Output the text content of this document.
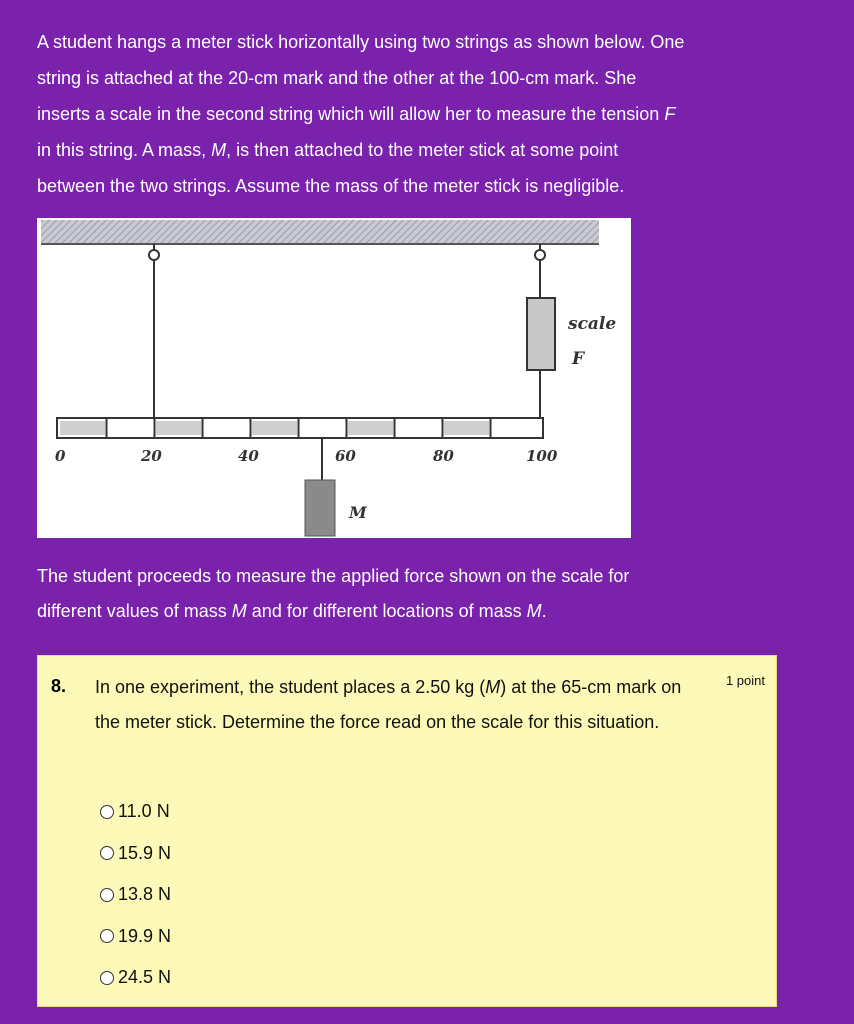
A student hangs a meter stick horizontally using two strings as shown below. One

string is attached at the 20-cm mark and the other at the 100-cm mark. She

inserts a scale in the second string which will allow her to measure the tension F

in this string. A mass, M, is then attached to the meter stick at some point

between the two strings. Assume the mass of the meter stick is negligible.

scale
F
0	20	40	60	80	100
M

The student proceeds to measure the applied force shown on the scale for

different values of mass M and for different locations of mass M.

8. In one experiment, the student places a 2.50 kg (M) at the 65-cm mark on the meter stick. Determine the force read on the scale for this situation.
1 point
11.0 N
15.9 N
13.8 N
19.9 N
24.5 N
